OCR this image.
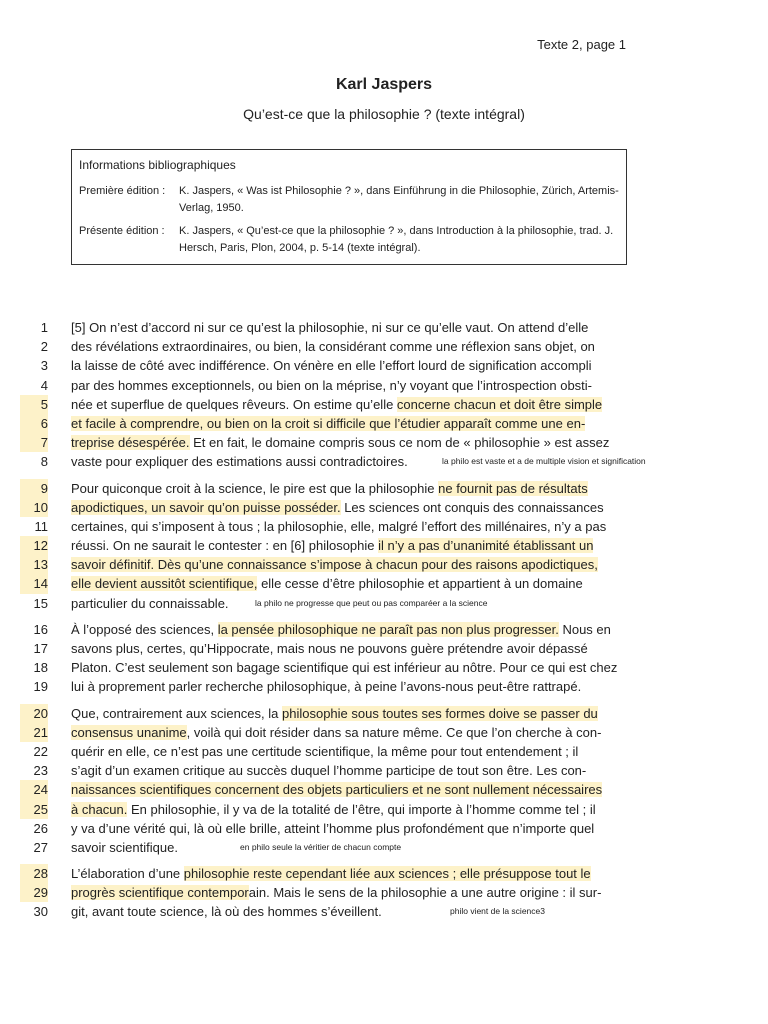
Texte 2, page 1
Karl Jaspers
Qu’est-ce que la philosophie ? (texte intégral)
Informations bibliographiques
Première édition :	K. Jaspers, « Was ist Philosophie ? », dans Einführung in die Philosophie, Zürich, Artemis-Verlag, 1950.
Présente édition :	K. Jaspers, « Qu’est-ce que la philosophie ? », dans Introduction à la philosophie, trad. J. Hersch, Paris, Plon, 2004, p. 5-14 (texte intégral).
1 [5] On n’est d’accord ni sur ce qu’est la philosophie, ni sur ce qu’elle vaut. On attend d’elle
2 des révélations extraordinaires, ou bien, la considérant comme une réflexion sans objet, on
3 la laisse de côté avec indifférence. On vénère en elle l’effort lourd de signification accompli
4 par des hommes exceptionnels, ou bien on la méprise, n’y voyant que l’introspection obsti-
5 née et superflue de quelques rêveurs. On estime qu’elle concerne chacun et doit être simple
6 et facile à comprendre, ou bien on la croit si difficile que l’étudier apparaît comme une en-
7 treprise désespérée. Et en fait, le domaine compris sous ce nom de « philosophie » est assez
8	la philo est vaste et a de multiple vision et signification
vaste pour expliquer des estimations aussi contradictoires.
9 Pour quiconque croit à la science, le pire est que la philosophie ne fournit pas de résultats
10 apodictiques, un savoir qu’on puisse posséder. Les sciences ont conquis des connaissances
11 certaines, qui s’imposent à tous ; la philosophie, elle, malgré l’effort des millénaires, n’y a pas
12 réussi. On ne saurait le contester : en [6] philosophie il n’y a pas d’unanimité établissant un
13 savoir définitif. Dès qu’une connaissance s’impose à chacun pour des raisons apodictiques,
14 elle devient aussitôt scientifique, elle cesse d’être philosophie et appartient à un domaine
15	la philo ne progresse que peut ou pas comparéer a la science
particulier du connaissable.
16 À l’opposé des sciences, la pensée philosophique ne paraît pas non plus progresser. Nous en
17 savons plus, certes, qu’Hippocrate, mais nous ne pouvons guère prétendre avoir dépassé
18 Platon. C’est seulement son bagage scientifique qui est inférieur au nôtre. Pour ce qui est chez
19 lui à proprement parler recherche philosophique, à peine l’avons-nous peut-être rattrapé.
20 Que, contrairement aux sciences, la philosophie sous toutes ses formes doive se passer du
21 consensus unanime, voilà qui doit résider dans sa nature même. Ce que l’on cherche à con-
22 quérir en elle, ce n’est pas une certitude scientifique, la même pour tout entendement ; il
23 s’agit d’un examen critique au succès duquel l’homme participe de tout son être. Les con-
24 naissances scientifiques concernent des objets particuliers et ne sont nullement nécessaires
25 à chacun. En philosophie, il y va de la totalité de l’être, qui importe à l’homme comme tel ; il
26 y va d’une vérité qui, là où elle brille, atteint l’homme plus profondément que n’importe quel
27	en philo seule la véritier de chacun compte
savoir scientifique.
28 L’élaboration d’une philosophie reste cependant liée aux sciences ; elle présuppose tout le
29 progrès scientifique contemporain. Mais le sens de la philosophie a une autre origine : il sur-
30	philo vient de la science3
git, avant toute science, là où des hommes s’éveillent.
